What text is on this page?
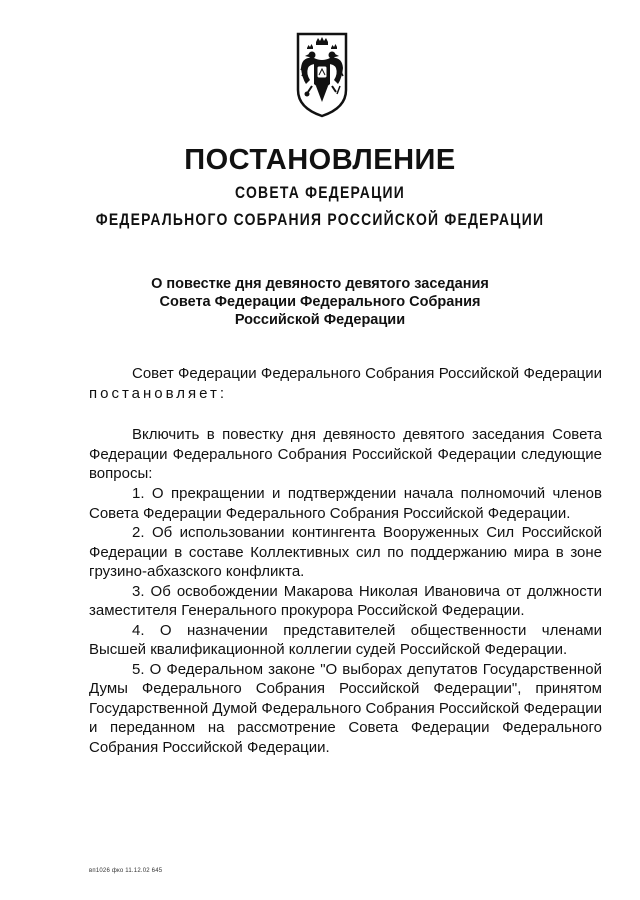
ПОСТАНОВЛЕНИЕ
СОВЕТА ФЕДЕРАЦИИ
ФЕДЕРАЛЬНОГО СОБРАНИЯ РОССИЙСКОЙ ФЕДЕРАЦИИ
О повестке дня девяносто девятого заседания
Совета Федерации Федерального Собрания
Российской Федерации
Совет Федерации Федерального Собрания Российской Федерации постановляет:
Включить в повестку дня девяносто девятого заседания Совета Федерации Федерального Собрания Российской Федерации следующие вопросы:

1. О прекращении и подтверждении начала полномочий членов Совета Федерации Федерального Собрания Российской Федерации.

2. Об использовании контингента Вооруженных Сил Российской Федерации в составе Коллективных сил по поддержанию мира в зоне грузино-абхазского конфликта.

3. Об освобождении Макарова Николая Ивановича от должности заместителя Генерального прокурора Российской Федерации.

4. О назначении представителей общественности членами Высшей квалификационной коллегии судей Российской Федерации.

5. О Федеральном законе "О выборах депутатов Государственной Думы Федерального Собрания Российской Федерации", принятом Государственной Думой Федерального Собрания Российской Федерации и переданном на рассмотрение Совета Федерации Федерального Собрания Российской Федерации.

вп1026 фко 11.12.02 645
